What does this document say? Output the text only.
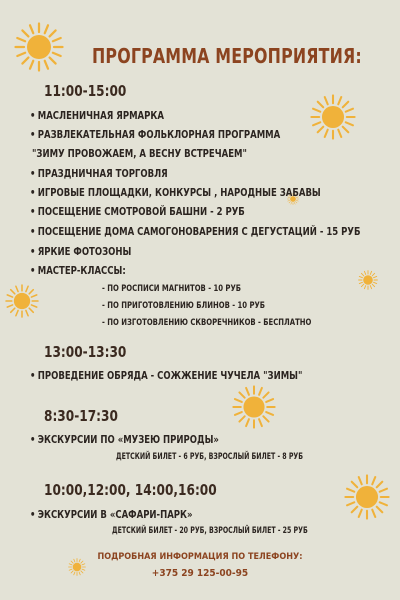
ПРОГРАММА МЕРОПРИЯТИЯ:
11:00-15:00
• МАСЛЕНИЧНАЯ ЯРМАРКА
• РАЗВЛЕКАТЕЛЬНАЯ ФОЛЬКЛОРНАЯ ПРОГРАММА
"ЗИМУ ПРОВОЖАЕМ, А ВЕСНУ ВСТРЕЧАЕМ"
• ПРАЗДНИЧНАЯ ТОРГОВЛЯ
• ИГРОВЫЕ ПЛОЩАДКИ, КОНКУРСЫ , НАРОДНЫЕ ЗАБАВЫ
• ПОСЕЩЕНИЕ СМОТРОВОЙ БАШНИ - 2 РУБ
• ПОСЕЩЕНИЕ ДОМА САМОГОНОВАРЕНИЯ С ДЕГУСТАЦИЙ - 15 РУБ
• ЯРКИЕ ФОТОЗОНЫ
• МАСТЕР-КЛАССЫ:
- ПО РОСПИСИ МАГНИТОВ - 10 РУБ
- ПО ПРИГОТОВЛЕНИЮ БЛИНОВ - 10 РУБ
- ПО ИЗГОТОВЛЕНИЮ СКВОРЕЧНИКОВ - БЕСПЛАТНО
13:00-13:30
• ПРОВЕДЕНИЕ ОБРЯДА - СОЖЖЕНИЕ ЧУЧЕЛА "ЗИМЫ"
8:30-17:30
• ЭКСКУРСИИ ПО «МУЗЕЮ ПРИРОДЫ»
ДЕТСКИЙ БИЛЕТ - 6 РУБ, ВЗРОСЛЫЙ БИЛЕТ - 8 РУБ
10:00,12:00, 14:00,16:00
• ЭКСКУРСИИ В «САФАРИ-ПАРК»
ДЕТСКИЙ БИЛЕТ - 20 РУБ, ВЗРОСЛЫЙ БИЛЕТ - 25 РУБ
ПОДРОБНАЯ ИНФОРМАЦИЯ ПО ТЕЛЕФОНУ:
+375 29 125-00-95
